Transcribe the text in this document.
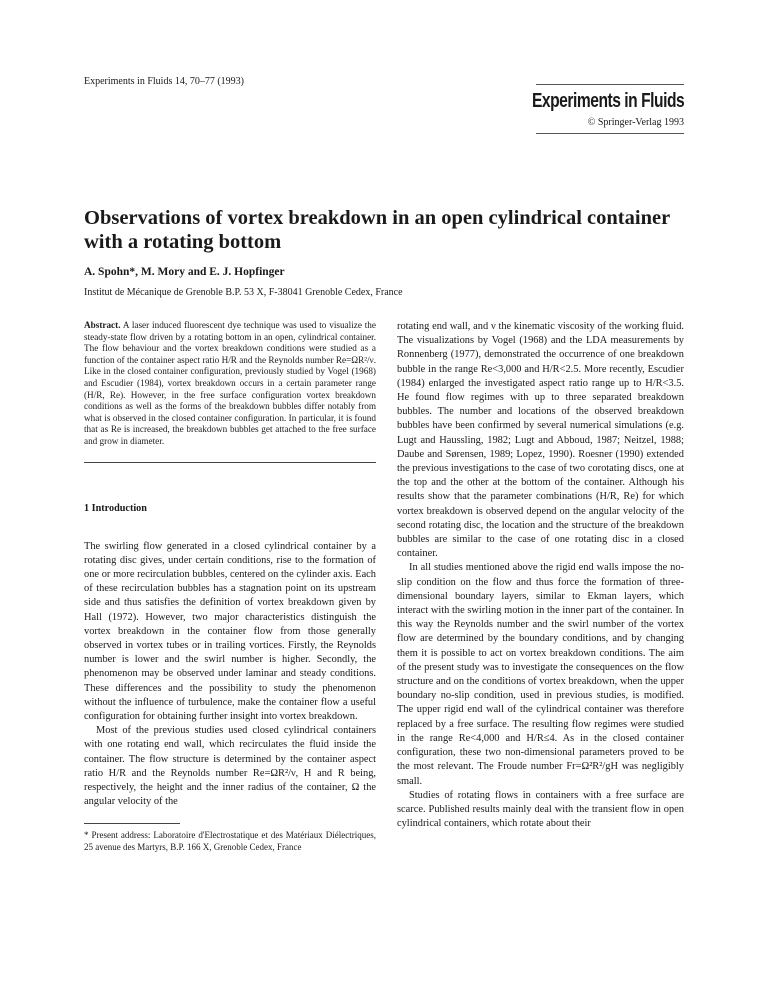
Experiments in Fluids 14, 70–77 (1993)
Experiments in Fluids
© Springer-Verlag 1993
Observations of vortex breakdown in an open cylindrical container with a rotating bottom
A. Spohn*, M. Mory and E. J. Hopfinger
Institut de Mécanique de Grenoble B.P. 53 X, F-38041 Grenoble Cedex, France
Abstract. A laser induced fluorescent dye technique was used to visualize the steady-state flow driven by a rotating bottom in an open, cylindrical container. The flow behaviour and the vortex breakdown conditions were studied as a function of the container aspect ratio H/R and the Reynolds number Re=ΩR²/ν. Like in the closed container configuration, previously studied by Vogel (1968) and Escudier (1984), vortex breakdown occurs in a certain parameter range (H/R, Re). However, in the free surface configuration vortex breakdown conditions as well as the forms of the breakdown bubbles differ notably from what is observed in the closed container configuration. In particular, it is found that as Re is increased, the breakdown bubbles get attached to the free surface and grow in diameter.
1 Introduction

The swirling flow generated in a closed cylindrical container by a rotating disc gives, under certain conditions, rise to the formation of one or more recirculation bubbles, centered on the cylinder axis. Each of these recirculation bubbles has a stagnation point on its upstream side and thus satisfies the definition of vortex breakdown given by Hall (1972). However, two major characteristics distinguish the vortex breakdown in the container flow from those generally observed in vortex tubes or in trailing vortices. Firstly, the Reynolds number is lower and the swirl number is higher. Secondly, the phenomenon may be observed under laminar and steady conditions. These differences and the possibility to study the phenomenon without the influence of turbulence, make the container flow a useful configuration for obtaining further insight into vortex breakdown.

Most of the previous studies used closed cylindrical containers with one rotating end wall, which recirculates the fluid inside the container. The flow structure is determined by the container aspect ratio H/R and the Reynolds number Re=ΩR²/ν, H and R being, respectively, the height and the inner radius of the container, Ω the angular velocity of the

* Present address: Laboratoire d'Electrostatique et des Matériaux Diélectriques, 25 avenue des Martyrs, B.P. 166 X, Grenoble Cedex, France

rotating end wall, and ν the kinematic viscosity of the working fluid. The visualizations by Vogel (1968) and the LDA measurements by Ronnenberg (1977), demonstrated the occurrence of one breakdown bubble in the range Re<3,000 and H/R<2.5. More recently, Escudier (1984) enlarged the investigated aspect ratio range up to H/R<3.5. He found flow regimes with up to three separated breakdown bubbles. The number and locations of the observed breakdown bubbles have been confirmed by several numerical simulations (e.g. Lugt and Haussling, 1982; Lugt and Abboud, 1987; Neitzel, 1988; Daube and Sørensen, 1989; Lopez, 1990). Roesner (1990) extended the previous investigations to the case of two corotating discs, one at the top and the other at the bottom of the container. Although his results show that the parameter combinations (H/R, Re) for which vortex breakdown is observed depend on the angular velocity of the second rotating disc, the location and the structure of the breakdown bubbles are similar to the case of one rotating disc in a closed container.

In all studies mentioned above the rigid end walls impose the no-slip condition on the flow and thus force the formation of three-dimensional boundary layers, similar to Ekman layers, which interact with the swirling motion in the inner part of the container. In this way the Reynolds number and the swirl number of the vortex flow are determined by the boundary conditions, and by changing them it is possible to act on vortex breakdown conditions. The aim of the present study was to investigate the consequences on the flow structure and on the conditions of vortex breakdown, when the upper boundary no-slip condition, used in previous studies, is modified. The upper rigid end wall of the cylindrical container was therefore replaced by a free surface. The resulting flow regimes were studied in the range Re<4,000 and H/R≤4. As in the closed container configuration, these two non-dimensional parameters proved to be the most relevant. The Froude number Fr=Ω²R²/gH was negligibly small.

Studies of rotating flows in containers with a free surface are scarce. Published results mainly deal with the transient flow in open cylindrical containers, which rotate about their
